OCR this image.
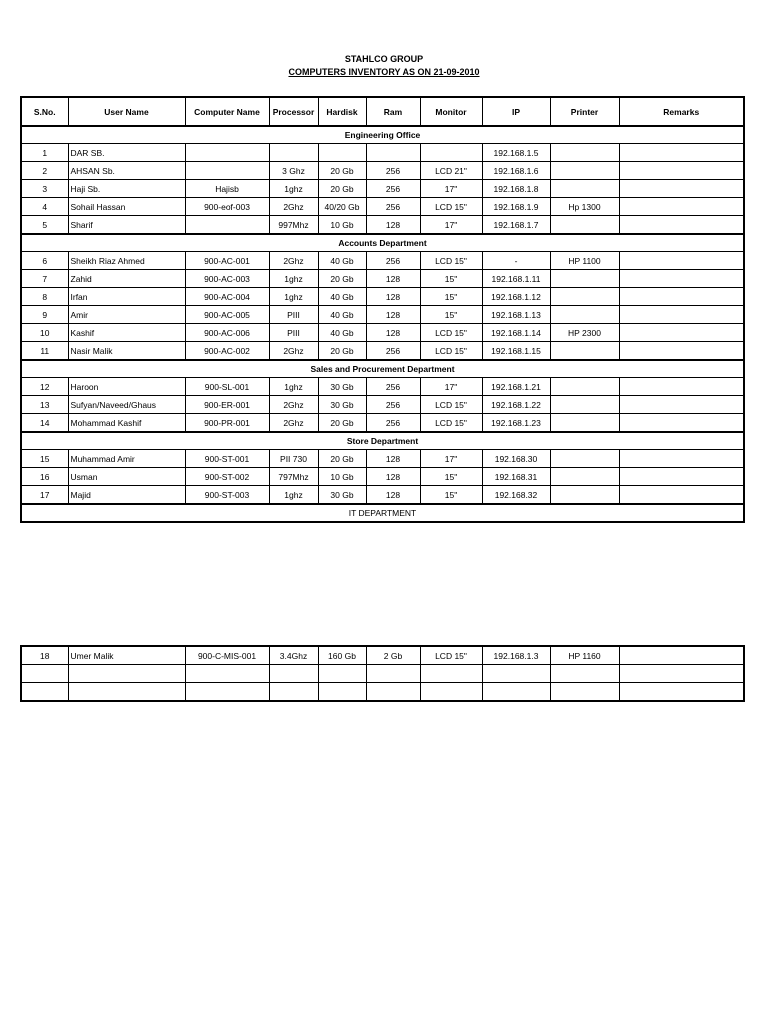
STAHLCO GROUP
COMPUTERS INVENTORY AS ON 21-09-2010
S.No.	User Name	Computer Name	Processor	Hardisk	Ram	Monitor	IP	Printer	Remarks
Engineering Office									
1	DAR SB.						192.168.1.5		
2	AHSAN Sb.		3 Ghz	20 Gb	256	LCD 21"	192.168.1.6		
3	Haji Sb.	Hajisb	1ghz	20 Gb	256	17"	192.168.1.8		
4	Sohail Hassan	900-eof-003	2Ghz	40/20 Gb	256	LCD 15"	192.168.1.9	Hp 1300	
5	Sharif		997Mhz	10 Gb	128	17"	192.168.1.7		
Accounts Department									
6	Sheikh Riaz Ahmed	900-AC-001	2Ghz	40 Gb	256	LCD 15"	-	HP 1100	
7	Zahid	900-AC-003	1ghz	20 Gb	128	15"	192.168.1.11		
8	Irfan	900-AC-004	1ghz	40 Gb	128	15"	192.168.1.12		
9	Amir	900-AC-005	PIII	40 Gb	128	15"	192.168.1.13		
10	Kashif	900-AC-006	PIII	40 Gb	128	LCD 15"	192.168.1.14	HP 2300	
11	Nasir Malik	900-AC-002	2Ghz	20 Gb	256	LCD 15"	192.168.1.15		
Sales and Procurement Department									
12	Haroon	900-SL-001	1ghz	30 Gb	256	17"	192.168.1.21		
13	Sufyan/Naveed/Ghaus	900-ER-001	2Ghz	30 Gb	256	LCD 15"	192.168.1.22		
14	Mohammad Kashif	900-PR-001	2Ghz	20 Gb	256	LCD 15"	192.168.1.23		
Store Department									
15	Muhammad Amir	900-ST-001	PII 730	20 Gb	128	17"	192.168.30		
16	Usman	900-ST-002	797Mhz	10 Gb	128	15"	192.168.31		
17	Majid	900-ST-003	1ghz	30 Gb	128	15"	192.168.32		
IT DEPARTMENT									
18	Umer Malik	900-C-MIS-001	3.4Ghz	160 Gb	2 Gb	LCD 15"	192.168.1.3	HP 1160	
